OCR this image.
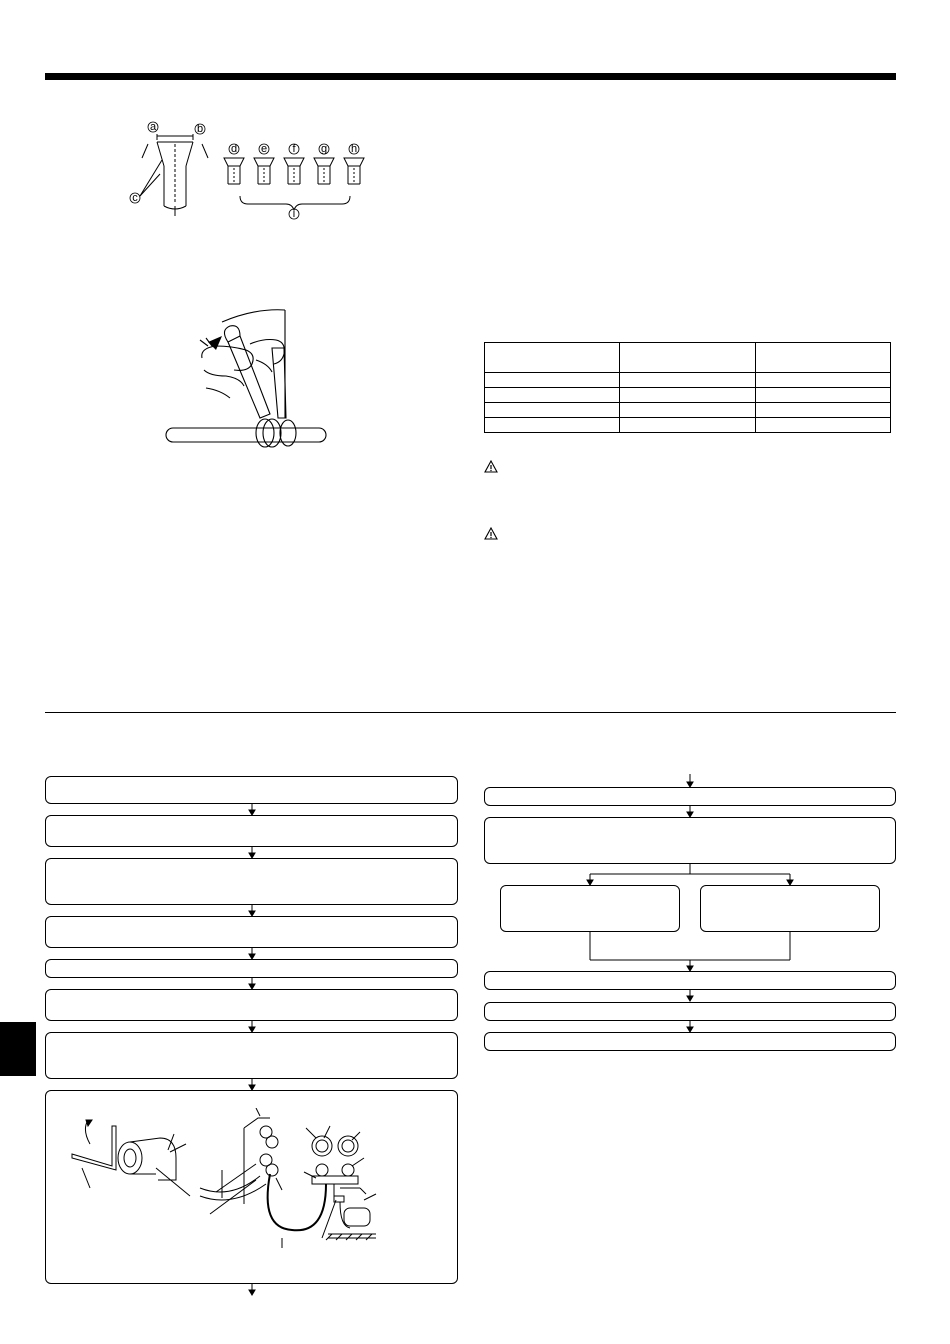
a	b
c
d e f g h
i
